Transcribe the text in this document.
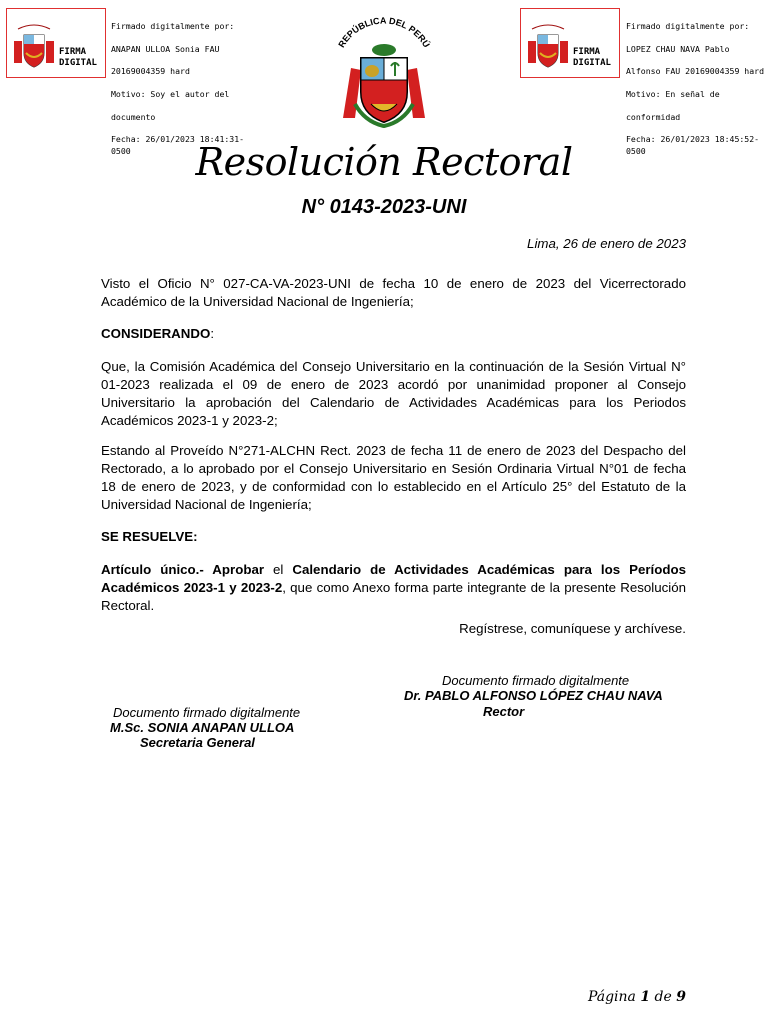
FIRMA DIGITAL

Firmado digitalmente por:

ANAPAN ULLOA Sonia FAU

20169004359 hard

Motivo: Soy el autor del

documento

Fecha: 26/01/2023 18:41:31-0500

FIRMA DIGITAL

Firmado digitalmente por:

LOPEZ CHAU NAVA Pablo

Alfonso FAU 20169004359 hard

Motivo: En señal de

conformidad

Fecha: 26/01/2023 18:45:52-0500

REPÚBLICA DEL PERÚ
Resolución Rectoral
N° 0143-2023-UNI
Lima, 26 de enero de 2023
Visto el Oficio N° 027-CA-VA-2023-UNI de fecha 10 de enero de 2023 del Vicerrectorado Académico de la Universidad Nacional de Ingeniería;
CONSIDERANDO:
Que, la Comisión Académica del Consejo Universitario en la continuación de la Sesión Virtual N° 01-2023 realizada el 09 de enero de 2023 acordó por unanimidad proponer al Consejo Universitario la aprobación del Calendario de Actividades Académicas para los Periodos Académicos 2023-1 y 2023-2;
Estando al Proveído N°271-ALCHN Rect. 2023 de fecha 11 de enero de 2023 del Despacho del Rectorado, a lo aprobado por el Consejo Universitario en Sesión Ordinaria Virtual N°01 de fecha 18 de enero de 2023, y de conformidad con lo establecido en el Artículo 25° del Estatuto de la Universidad Nacional de Ingeniería;
SE RESUELVE:
Artículo único.- Aprobar el Calendario de Actividades Académicas para los Períodos Académicos 2023-1 y 2023-2, que como Anexo forma parte integrante de la presente Resolución Rectoral.
Regístrese, comuníquese y archívese.
Documento firmado digitalmente
Dr. PABLO ALFONSO LÓPEZ CHAU NAVA
Rector
Documento firmado digitalmente
M.Sc. SONIA ANAPAN ULLOA
Secretaria General
Página 1 de 9
